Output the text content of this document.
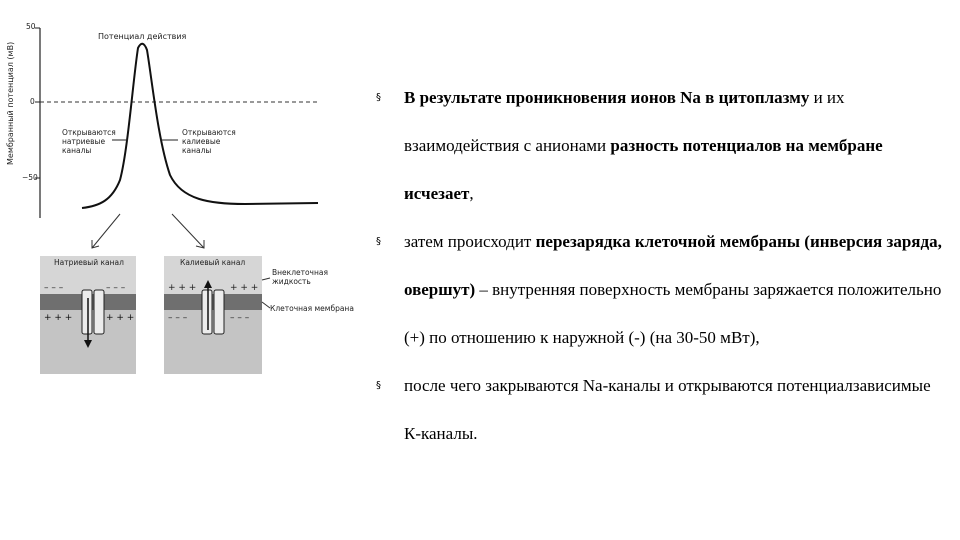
Мембранный потенциал (мВ)
50
0
−50
Потенциал действия
Открываются
натриевые
каналы
Открываются
калиевые
каналы
Натриевый канал	Калиевый канал
– – –	– – –
+ + +	+ + +
+ + +	+ + +
– – –	– – –
Внеклеточная
жидкость
Клеточная мембрана
§ В результате проникновения ионов Na в цитоплазму и их взаимодействия с анионами разность потенциалов на мембране исчезает,
§ затем происходит перезарядка клеточной мембраны (инверсия заряда, овершут) – внутренняя поверхность мембраны заряжается положительно (+) по отношению к наружной (-) (на 30-50 мВт),
§ после чего закрываются Na-каналы и открываются потенциалзависимые К-каналы.
